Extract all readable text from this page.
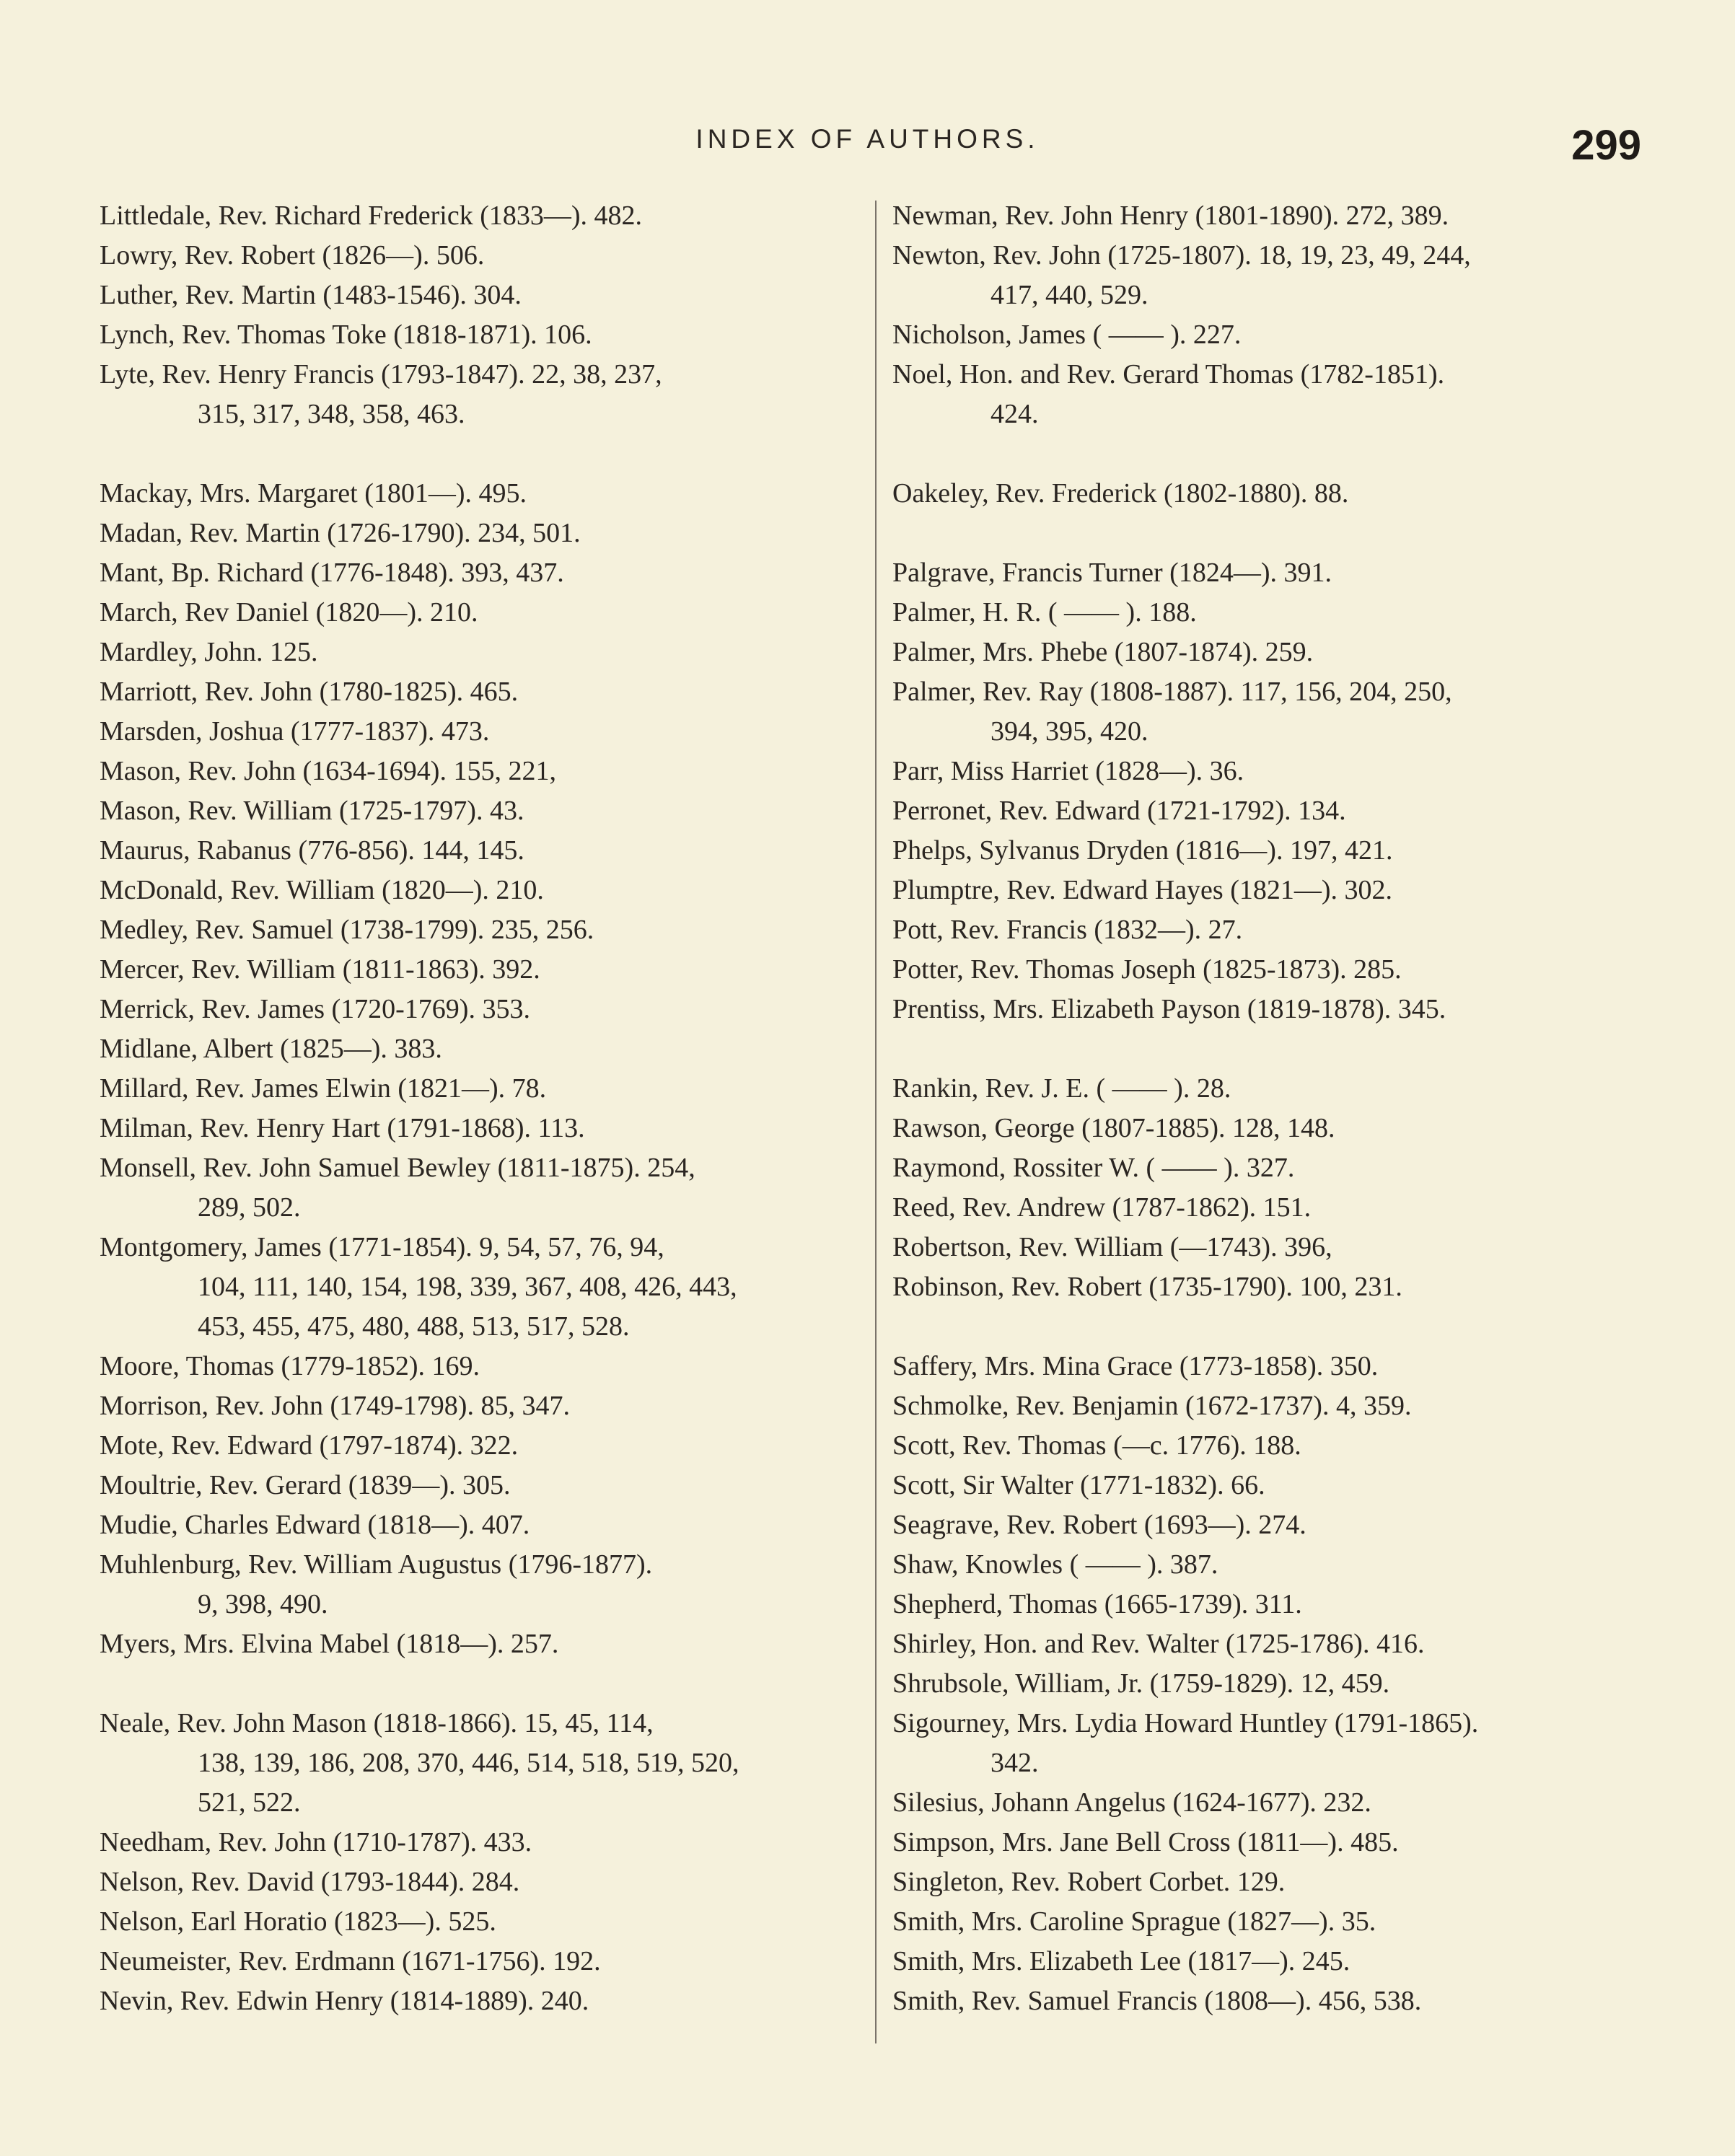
INDEX OF AUTHORS.	299
Littledale, Rev. Richard Frederick (1833—). 482.
Lowry, Rev. Robert (1826—). 506.
Luther, Rev. Martin (1483-1546). 304.
Lynch, Rev. Thomas Toke (1818-1871). 106.
Lyte, Rev. Henry Francis (1793-1847). 22, 38, 237,
315, 317, 348, 358, 463.
Mackay, Mrs. Margaret (1801—). 495.
Madan, Rev. Martin (1726-1790). 234, 501.
Mant, Bp. Richard (1776-1848). 393, 437.
March, Rev Daniel (1820—). 210.
Mardley, John. 125.
Marriott, Rev. John (1780-1825). 465.
Marsden, Joshua (1777-1837). 473.
Mason, Rev. John (1634-1694). 155, 221,
Mason, Rev. William (1725-1797). 43.
Maurus, Rabanus (776-856). 144, 145.
McDonald, Rev. William (1820—). 210.
Medley, Rev. Samuel (1738-1799). 235, 256.
Mercer, Rev. William (1811-1863). 392.
Merrick, Rev. James (1720-1769). 353.
Midlane, Albert (1825—). 383.
Millard, Rev. James Elwin (1821—). 78.
Milman, Rev. Henry Hart (1791-1868). 113.
Monsell, Rev. John Samuel Bewley (1811-1875). 254,
289, 502.
Montgomery, James (1771-1854). 9, 54, 57, 76, 94,
104, 111, 140, 154, 198, 339, 367, 408, 426, 443,
453, 455, 475, 480, 488, 513, 517, 528.
Moore, Thomas (1779-1852). 169.
Morrison, Rev. John (1749-1798). 85, 347.
Mote, Rev. Edward (1797-1874). 322.
Moultrie, Rev. Gerard (1839—). 305.
Mudie, Charles Edward (1818—). 407.
Muhlenburg, Rev. William Augustus (1796-1877).
9, 398, 490.
Myers, Mrs. Elvina Mabel (1818—). 257.
Neale, Rev. John Mason (1818-1866). 15, 45, 114,
138, 139, 186, 208, 370, 446, 514, 518, 519, 520,
521, 522.
Needham, Rev. John (1710-1787). 433.
Nelson, Rev. David (1793-1844). 284.
Nelson, Earl Horatio (1823—). 525.
Neumeister, Rev. Erdmann (1671-1756). 192.
Nevin, Rev. Edwin Henry (1814-1889). 240.
Newman, Rev. John Henry (1801-1890). 272, 389.
Newton, Rev. John (1725-1807). 18, 19, 23, 49, 244,
417, 440, 529.
Nicholson, James ( —— ). 227.
Noel, Hon. and Rev. Gerard Thomas (1782-1851).
424.
Oakeley, Rev. Frederick (1802-1880). 88.
Palgrave, Francis Turner (1824—). 391.
Palmer, H. R. ( —— ). 188.
Palmer, Mrs. Phebe (1807-1874). 259.
Palmer, Rev. Ray (1808-1887). 117, 156, 204, 250,
394, 395, 420.
Parr, Miss Harriet (1828—). 36.
Perronet, Rev. Edward (1721-1792). 134.
Phelps, Sylvanus Dryden (1816—). 197, 421.
Plumptre, Rev. Edward Hayes (1821—). 302.
Pott, Rev. Francis (1832—). 27.
Potter, Rev. Thomas Joseph (1825-1873). 285.
Prentiss, Mrs. Elizabeth Payson (1819-1878). 345.
Rankin, Rev. J. E. ( —— ). 28.
Rawson, George (1807-1885). 128, 148.
Raymond, Rossiter W. ( —— ). 327.
Reed, Rev. Andrew (1787-1862). 151.
Robertson, Rev. William (—1743). 396,
Robinson, Rev. Robert (1735-1790). 100, 231.
Saffery, Mrs. Mina Grace (1773-1858). 350.
Schmolke, Rev. Benjamin (1672-1737). 4, 359.
Scott, Rev. Thomas (—c. 1776). 188.
Scott, Sir Walter (1771-1832). 66.
Seagrave, Rev. Robert (1693—). 274.
Shaw, Knowles ( —— ). 387.
Shepherd, Thomas (1665-1739). 311.
Shirley, Hon. and Rev. Walter (1725-1786). 416.
Shrubsole, William, Jr. (1759-1829). 12, 459.
Sigourney, Mrs. Lydia Howard Huntley (1791-1865).
342.
Silesius, Johann Angelus (1624-1677). 232.
Simpson, Mrs. Jane Bell Cross (1811—). 485.
Singleton, Rev. Robert Corbet. 129.
Smith, Mrs. Caroline Sprague (1827—). 35.
Smith, Mrs. Elizabeth Lee (1817—). 245.
Smith, Rev. Samuel Francis (1808—). 456, 538.
